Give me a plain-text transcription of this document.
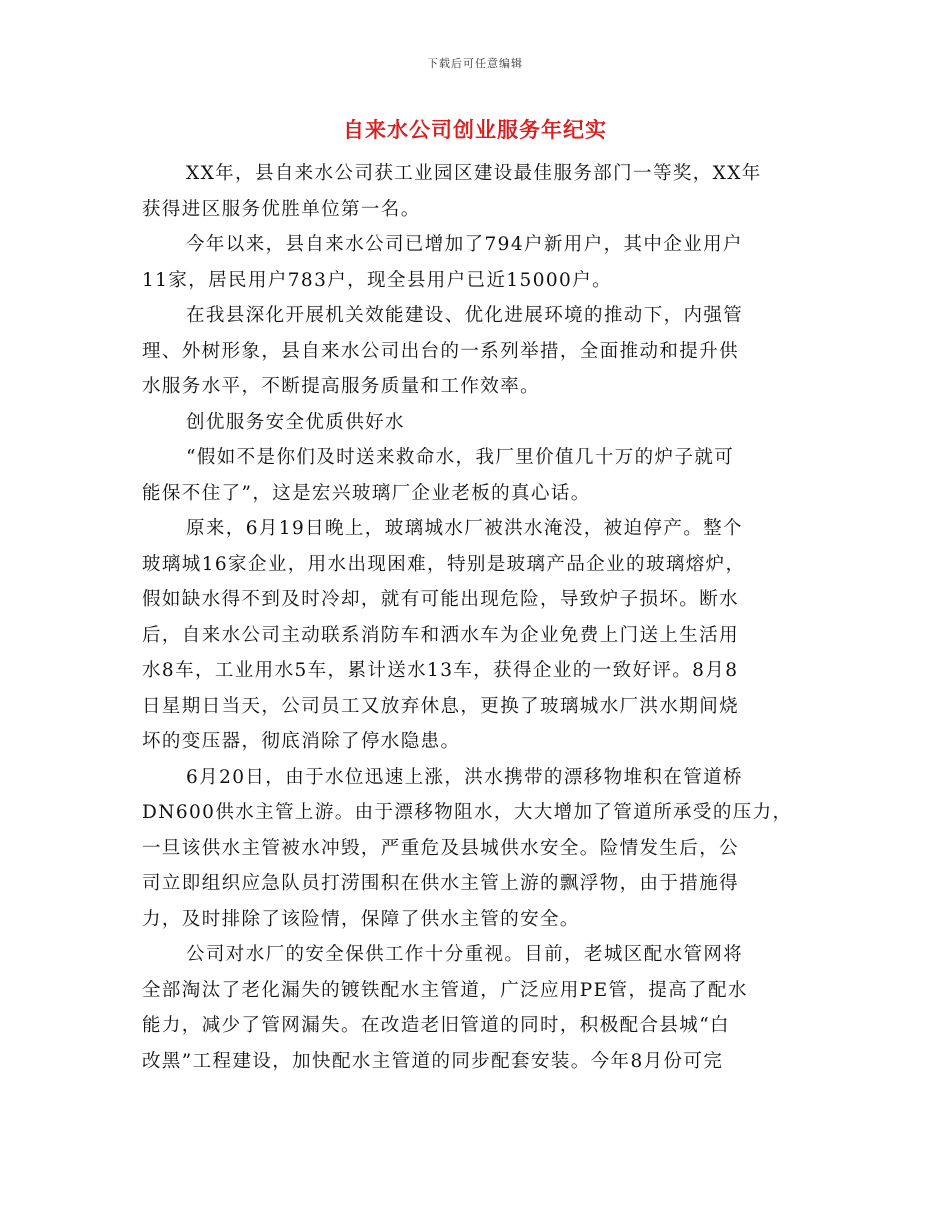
下载后可任意编辑
自来水公司创业服务年纪实
XX年，县自来水公司获工业园区建设最佳服务部门一等奖，XX年
获得进区服务优胜单位第一名。
今年以来，县自来水公司已增加了794户新用户，其中企业用户
11家，居民用户783户，现全县用户已近15000户。
在我县深化开展机关效能建设、优化进展环境的推动下，内强管
理、外树形象，县自来水公司出台的一系列举措，全面推动和提升供
水服务水平，不断提高服务质量和工作效率。
创优服务安全优质供好水
“假如不是你们及时送来救命水，我厂里价值几十万的炉子就可
能保不住了”，这是宏兴玻璃厂企业老板的真心话。
原来，6月19日晚上，玻璃城水厂被洪水淹没，被迫停产。整个
玻璃城16家企业，用水出现困难，特别是玻璃产品企业的玻璃熔炉，
假如缺水得不到及时冷却，就有可能出现危险，导致炉子损坏。断水
后，自来水公司主动联系消防车和洒水车为企业免费上门送上生活用
水8车，工业用水5车，累计送水13车，获得企业的一致好评。8月8
日星期日当天，公司员工又放弃休息，更换了玻璃城水厂洪水期间烧
坏的变压器，彻底消除了停水隐患。
6月20日，由于水位迅速上涨，洪水携带的漂移物堆积在管道桥
DN600供水主管上游。由于漂移物阻水，大大增加了管道所承受的压力，
一旦该供水主管被水冲毁，严重危及县城供水安全。险情发生后，公
司立即组织应急队员打涝围积在供水主管上游的飘浮物，由于措施得
力，及时排除了该险情，保障了供水主管的安全。
公司对水厂的安全保供工作十分重视。目前，老城区配水管网将
全部淘汰了老化漏失的镀铁配水主管道，广泛应用PE管，提高了配水
能力，减少了管网漏失。在改造老旧管道的同时，积极配合县城“白
改黑”工程建设，加快配水主管道的同步配套安装。今年8月份可完
